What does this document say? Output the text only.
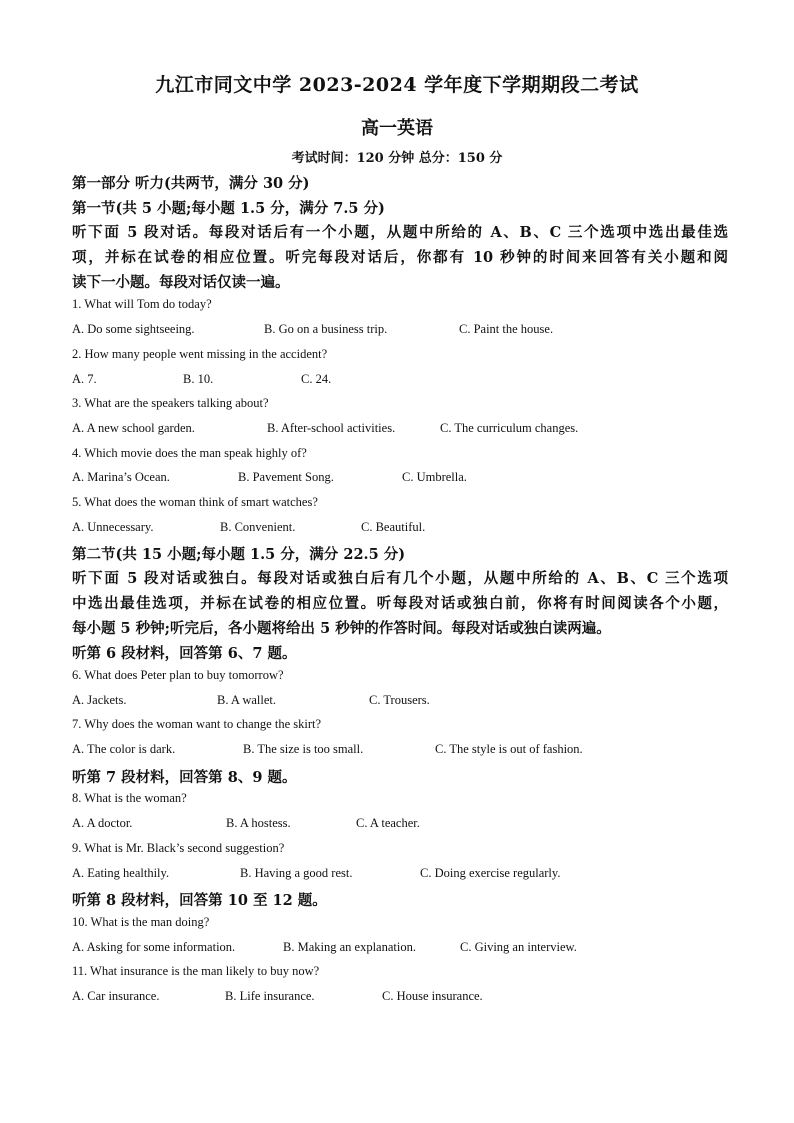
九江市同文中学 2023-2024 学年度下学期期段二考试
高一英语
考试时间：120 分钟 总分：150 分
第一部分 听力(共两节，满分 30 分)
第一节(共 5 小题;每小题 1.5 分，满分 7.5 分)
听下面 5 段对话。每段对话后有一个小题，从题中所给的 A、B、C 三个选项中选出最佳选
项，并标在试卷的相应位置。听完每段对话后，你都有 10 秒钟的时间来回答有关小题和阅
读下一小题。每段对话仅读一遍。
1. What will Tom do today?
A. Do some sightseeing.	B. Go on a business trip.	C. Paint the house.
2. How many people went missing in the accident?
A. 7.	B. 10.	C. 24.
3. What are the speakers talking about?
A. A new school garden.	B. After-school activities.	C. The curriculum changes.
4. Which movie does the man speak highly of?
A. Marina’s Ocean.	B. Pavement Song.	C. Umbrella.
5. What does the woman think of smart watches?
A. Unnecessary.	B. Convenient.	C. Beautiful.
第二节(共 15 小题;每小题 1.5 分，满分 22.5 分)
听下面 5 段对话或独白。每段对话或独白后有几个小题，从题中所给的 A、B、C 三个选项
中选出最佳选项，并标在试卷的相应位置。听每段对话或独白前，你将有时间阅读各个小题，
每小题 5 秒钟;听完后，各小题将给出 5 秒钟的作答时间。每段对话或独白读两遍。
听第 6 段材料，回答第 6、7 题。
6. What does Peter plan to buy tomorrow?
A. Jackets.	B. A wallet.	C. Trousers.
7. Why does the woman want to change the skirt?
A. The color is dark.	B. The size is too small.	C. The style is out of fashion.
听第 7 段材料，回答第 8、9 题。
8. What is the woman?
A. A doctor.	B. A hostess.	C. A teacher.
9. What is Mr. Black’s second suggestion?
A. Eating healthily.	B. Having a good rest.	C. Doing exercise regularly.
听第 8 段材料，回答第 10 至 12 题。
10. What is the man doing?
A. Asking for some information.	B. Making an explanation.	C. Giving an interview.
11. What insurance is the man likely to buy now?
A. Car insurance.	B. Life insurance.	C. House insurance.
